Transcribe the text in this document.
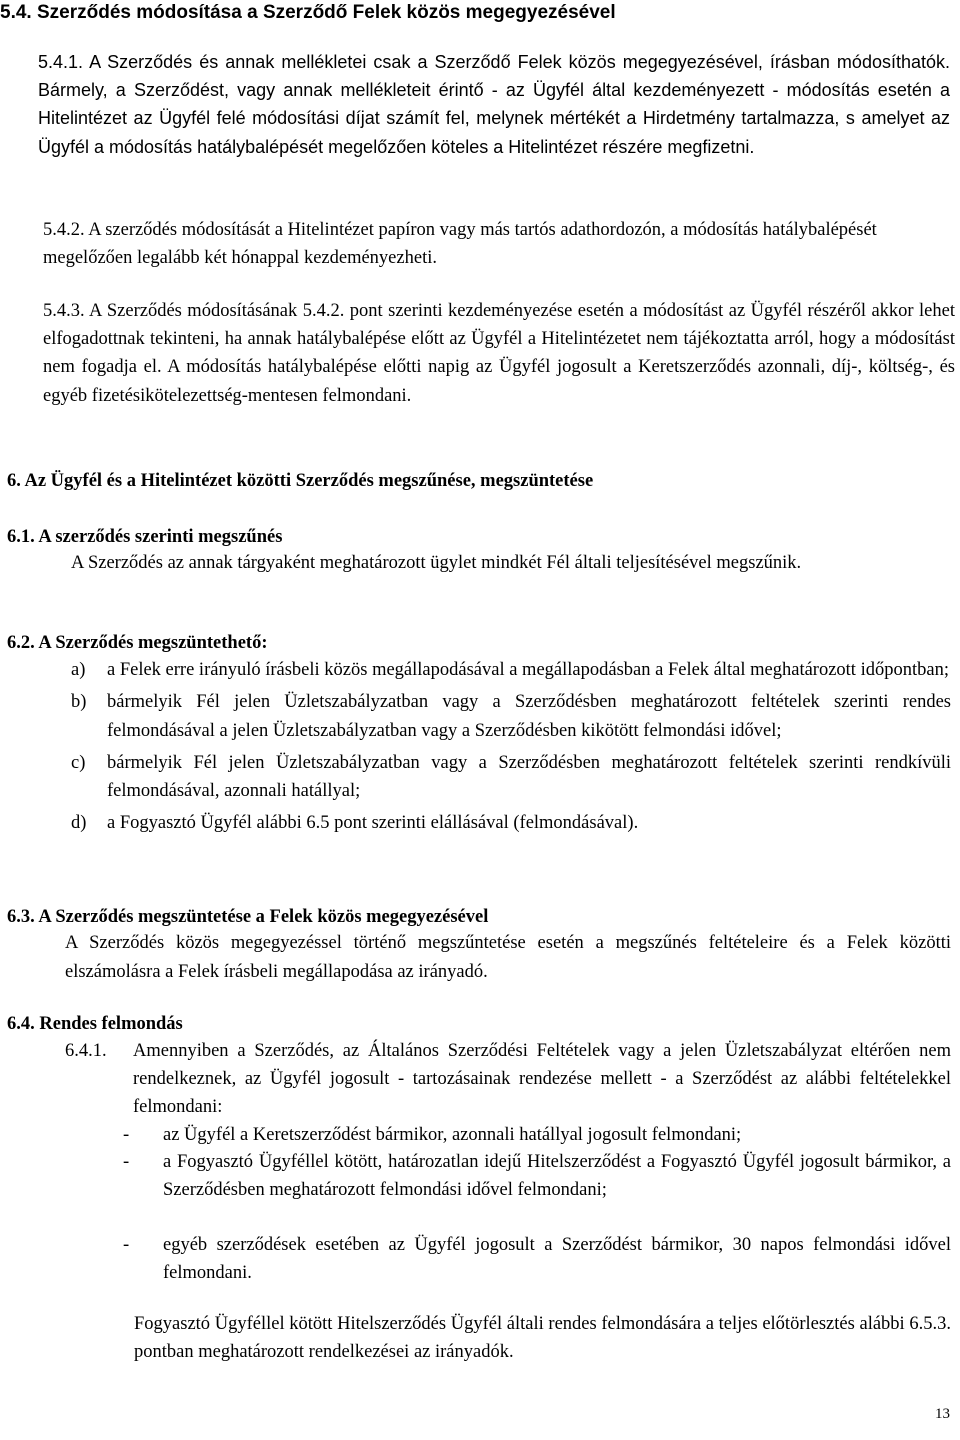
5.4. Szerződés módosítása a Szerződő Felek közös megegyezésével

5.4.1. A Szerződés és annak mellékletei csak a Szerződő Felek közös megegyezésével, írásban módosíthatók. Bármely, a Szerződést, vagy annak mellékleteit érintő - az Ügyfél által kezdeményezett - módosítás esetén a Hitelintézet az Ügyfél felé módosítási díjat számít fel, melynek mértékét a Hirdetmény tartalmazza, s amelyet az Ügyfél a módosítás hatálybalépését megelőzően köteles a Hitelintézet részére megfizetni.

5.4.2. A szerződés módosítását a Hitelintézet papíron vagy más tartós adathordozón, a módosítás hatálybalépését megelőzően legalább két hónappal kezdeményezheti.

5.4.3. A Szerződés módosításának 5.4.2. pont szerinti kezdeményezése esetén a módosítást az Ügyfél részéről akkor lehet elfogadottnak tekinteni, ha annak hatálybalépése előtt az Ügyfél a Hitelintézetet nem tájékoztatta arról, hogy a módosítást nem fogadja el. A módosítás hatálybalépése előtti napig az Ügyfél jogosult a Keretszerződés azonnali, díj-, költség-, és egyéb fizetésikötelezettség-mentesen felmondani.

6. Az Ügyfél és a Hitelintézet közötti Szerződés megszűnése, megszüntetése
6.1. A szerződés szerinti megszűnés

A Szerződés az annak tárgyaként meghatározott ügylet mindkét Fél általi teljesítésével megszűnik.

6.2. A Szerződés megszüntethető:
a)	a Felek erre irányuló írásbeli közös megállapodásával a megállapodásban a Felek által meghatározott időpontban;
b)	bármelyik Fél jelen Üzletszabályzatban vagy a Szerződésben meghatározott feltételek szerinti rendes felmondásával a jelen Üzletszabályzatban vagy a Szerződésben kikötött felmondási idővel;
c)	bármelyik Fél jelen Üzletszabályzatban vagy a Szerződésben meghatározott feltételek szerinti rendkívüli felmondásával, azonnali hatállyal;
d)	a Fogyasztó Ügyfél alábbi 6.5 pont szerinti elállásával (felmondásával).
6.3. A Szerződés megszüntetése a Felek közös megegyezésével

A Szerződés közös megegyezéssel történő megszűntetése esetén a megszűnés feltételeire és a Felek közötti elszámolásra a Felek írásbeli megállapodása az irányadó.

6.4. Rendes felmondás
6.4.1.	Amennyiben a Szerződés, az Általános Szerződési Feltételek vagy a jelen Üzletszabályzat eltérően nem rendelkeznek, az Ügyfél jogosult - tartozásainak rendezése mellett - a Szerződést az alábbi feltételekkel felmondani:
-	az Ügyfél a Keretszerződést bármikor, azonnali hatállyal jogosult felmondani;
-	a Fogyasztó Ügyféllel kötött, határozatlan idejű Hitelszerződést a Fogyasztó Ügyfél jogosult bármikor, a Szerződésben meghatározott felmondási idővel felmondani;
-	egyéb szerződések esetében az Ügyfél jogosult a Szerződést bármikor, 30 napos felmondási idővel felmondani.

Fogyasztó Ügyféllel kötött Hitelszerződés Ügyfél általi rendes felmondására a teljes előtörlesztés alábbi 6.5.3. pontban meghatározott rendelkezései az irányadók.

13
